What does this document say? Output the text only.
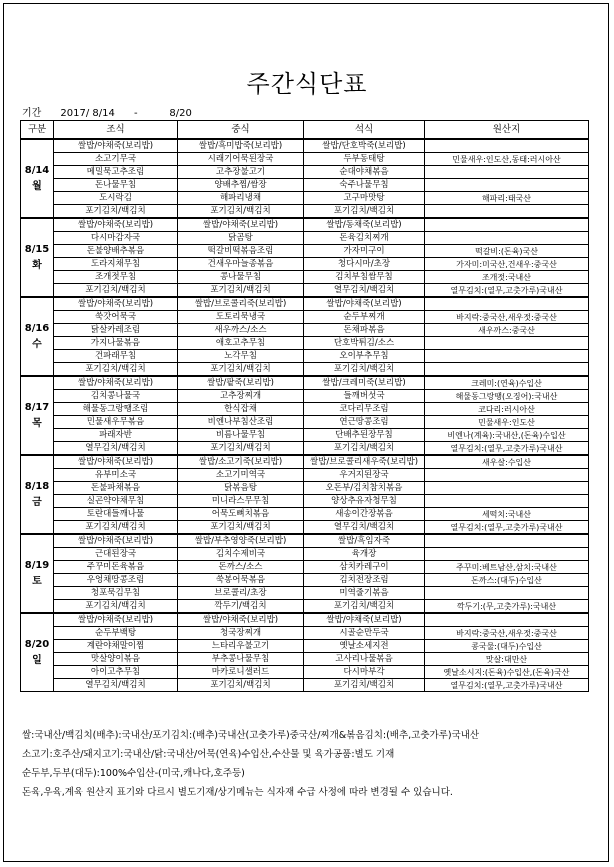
주간식단표
기간 2017/ 8/14 -	8/20
구분	조식	중식	석식	원산지

8/14
월	쌀밥/야채죽(보리밥)	쌀밥/흑미밥죽(보리밥)	쌀밥/단호박죽(보리밥)	
	소고기무국	시래기어묵된장국	두부동태탕	민물새우:인도산,동태:러시아산
	메밀묵고추조림	고추장불고기	순대야채볶음	
	돈나물무침	양배추찜/쌈장	숙주나물무침	
	도시락김	해파리냉채	고구마맛탕	해파리:태국산
	포기김치/백김치	포기김치/백김치	포기김치/백김치	

8/15
화	쌀밥/야채죽(보리밥)	쌀밥/야채죽(보리밥)	쌀밥/동채죽(보리밥)	
	다시마감자국	닭곰탕	돈육김치찌개	
	돈불양배추볶음	떡갈비떡볶음조림	가자미구이	떡갈비:(돈육)국산
	도라지채무침	건새우마늘종볶음	청다시마/초장	가자미:미국산,건새우:중국산
	조개젓무침	콩나물무침	김치부침쌈무침	조개젓:국내산
	포기김치/백김치	포기김치/백김치	열무김치/백김치	열무김치:(열무,고춧가루)국내산

8/16
수	쌀밥/야채죽(보리밥)	쌀밥/브로콜리죽(보리밥)	쌀밥/야채죽(보리밥)	
	쑥갓어묵국	도토리묵냉국	순두부찌개	바지락:중국산,새우젓:중국산
	닭살카레조림	새우까스/소스	돈채파볶음	새우까스:중국산
	가지나물볶음	애호고추무침	단호박튀김/소스	
	건파래무침	노각무침	오이부추무침	
	포기김치/백김치	포기김치/백김치	포기김치/백김치	

8/17
목	쌀밥/야채죽(보리밥)	쌀밥/팥죽(보리밥)	쌀밥/크레미죽(보리밥)	크레미:(연육)수입산
	김치콩나물국	고추장찌개	들깨버섯국	해물동그랑땡(오징어):국내산
	해물동그랑땡조림	한식잡채	코다리무조림	코다리:러시아산
	민물새우무볶음	비엔나부침산조림	연근땅콩조림	민물새우:인도산
	파래자반	비름나물무침	단배추된장무침	비엔나(계육):국내산,(돈육)수입산
	열무김치/백김치	포기김치/백김치	포기김치/백김치	열무김치:(열무,고춧가루)국내산

8/18
금	쌀밥/야채죽(보리밥)	쌀밥/소고기죽(보리밥)	쌀밥/브로콜리새우죽(보리밥)	새우살:수입산
	유부미소국	소고기미역국	우거지된장국	
	돈불파채볶음	닭볶음탕	오돈부/김치참치볶음	
	실곤약야채무침	미니라스무무침	양상추유자청무침	
	토란대들깨나물	어묵도뼈치볶음	새송이간장볶음	세떡치:국내산
	포기김치/백김치	포기김치/백김치	열무김치/백김치	열무김치:(열무,고춧가루)국내산

8/19
토	쌀밥/야채죽(보리밥)	쌀밥/부추영양죽(보리밥)	쌀밥/흑임자죽	
	근대된장국	김치수제비국	육개장	
	주꾸미돈육볶음	돈까스/소스	삼치카레구이	주꾸미:베트남산,삼치:국내산
	우엉채땅콩조림	쑥봉어묵볶음	김치전장조림	돈까스:(대두)수입산
	청포묵김무침	브로콜리/초장	미역줄기볶음	
	포기김치/백김치	깍두기/백김치	포기김치/백김치	깍두기:(무,고춧가루):국내산

8/20
일	쌀밥/야채죽(보리밥)	쌀밥/야채죽(보리밥)	쌀밥/야채죽(보리밥)	
	순두부백탕	청국장찌개	시골순만두국	바지락:중국산,새우젓:중국산
	계란야채말이찜	느타리우불고기	옛날소세지전	콩국물:(대두)수입산
	맛살양이볶음	부추콩나물무침	고사리나물볶음	맛살:대만산
	아이고추무침	마카로니샐러드	다시마부각	옛날소시지:(돈육)수입산,(돈육)국산
	열무김치/백김치	포기김치/백김치	포기김치/백김치	열무김치:(열무,고춧가루)국내산
쌀:국내산/백김치(배추):국내산/포기김치:(배추)국내산(고춧가루)중국산/찌개&볶음김치:(배추,고춧가루)국내산
소고기:호주산/돼지고기:국내산/닭:국내산/어묵(연육)수입산,수산물 및 육가공품:별도 기재
순두부,두부(대두):100%수입산-(미국,캐나다,호주등)
돈육,우육,계육 원산지 표기와 다르시 별도기재/상기메뉴는 식자재 수급 사정에 따라 변경될 수 있습니다.
